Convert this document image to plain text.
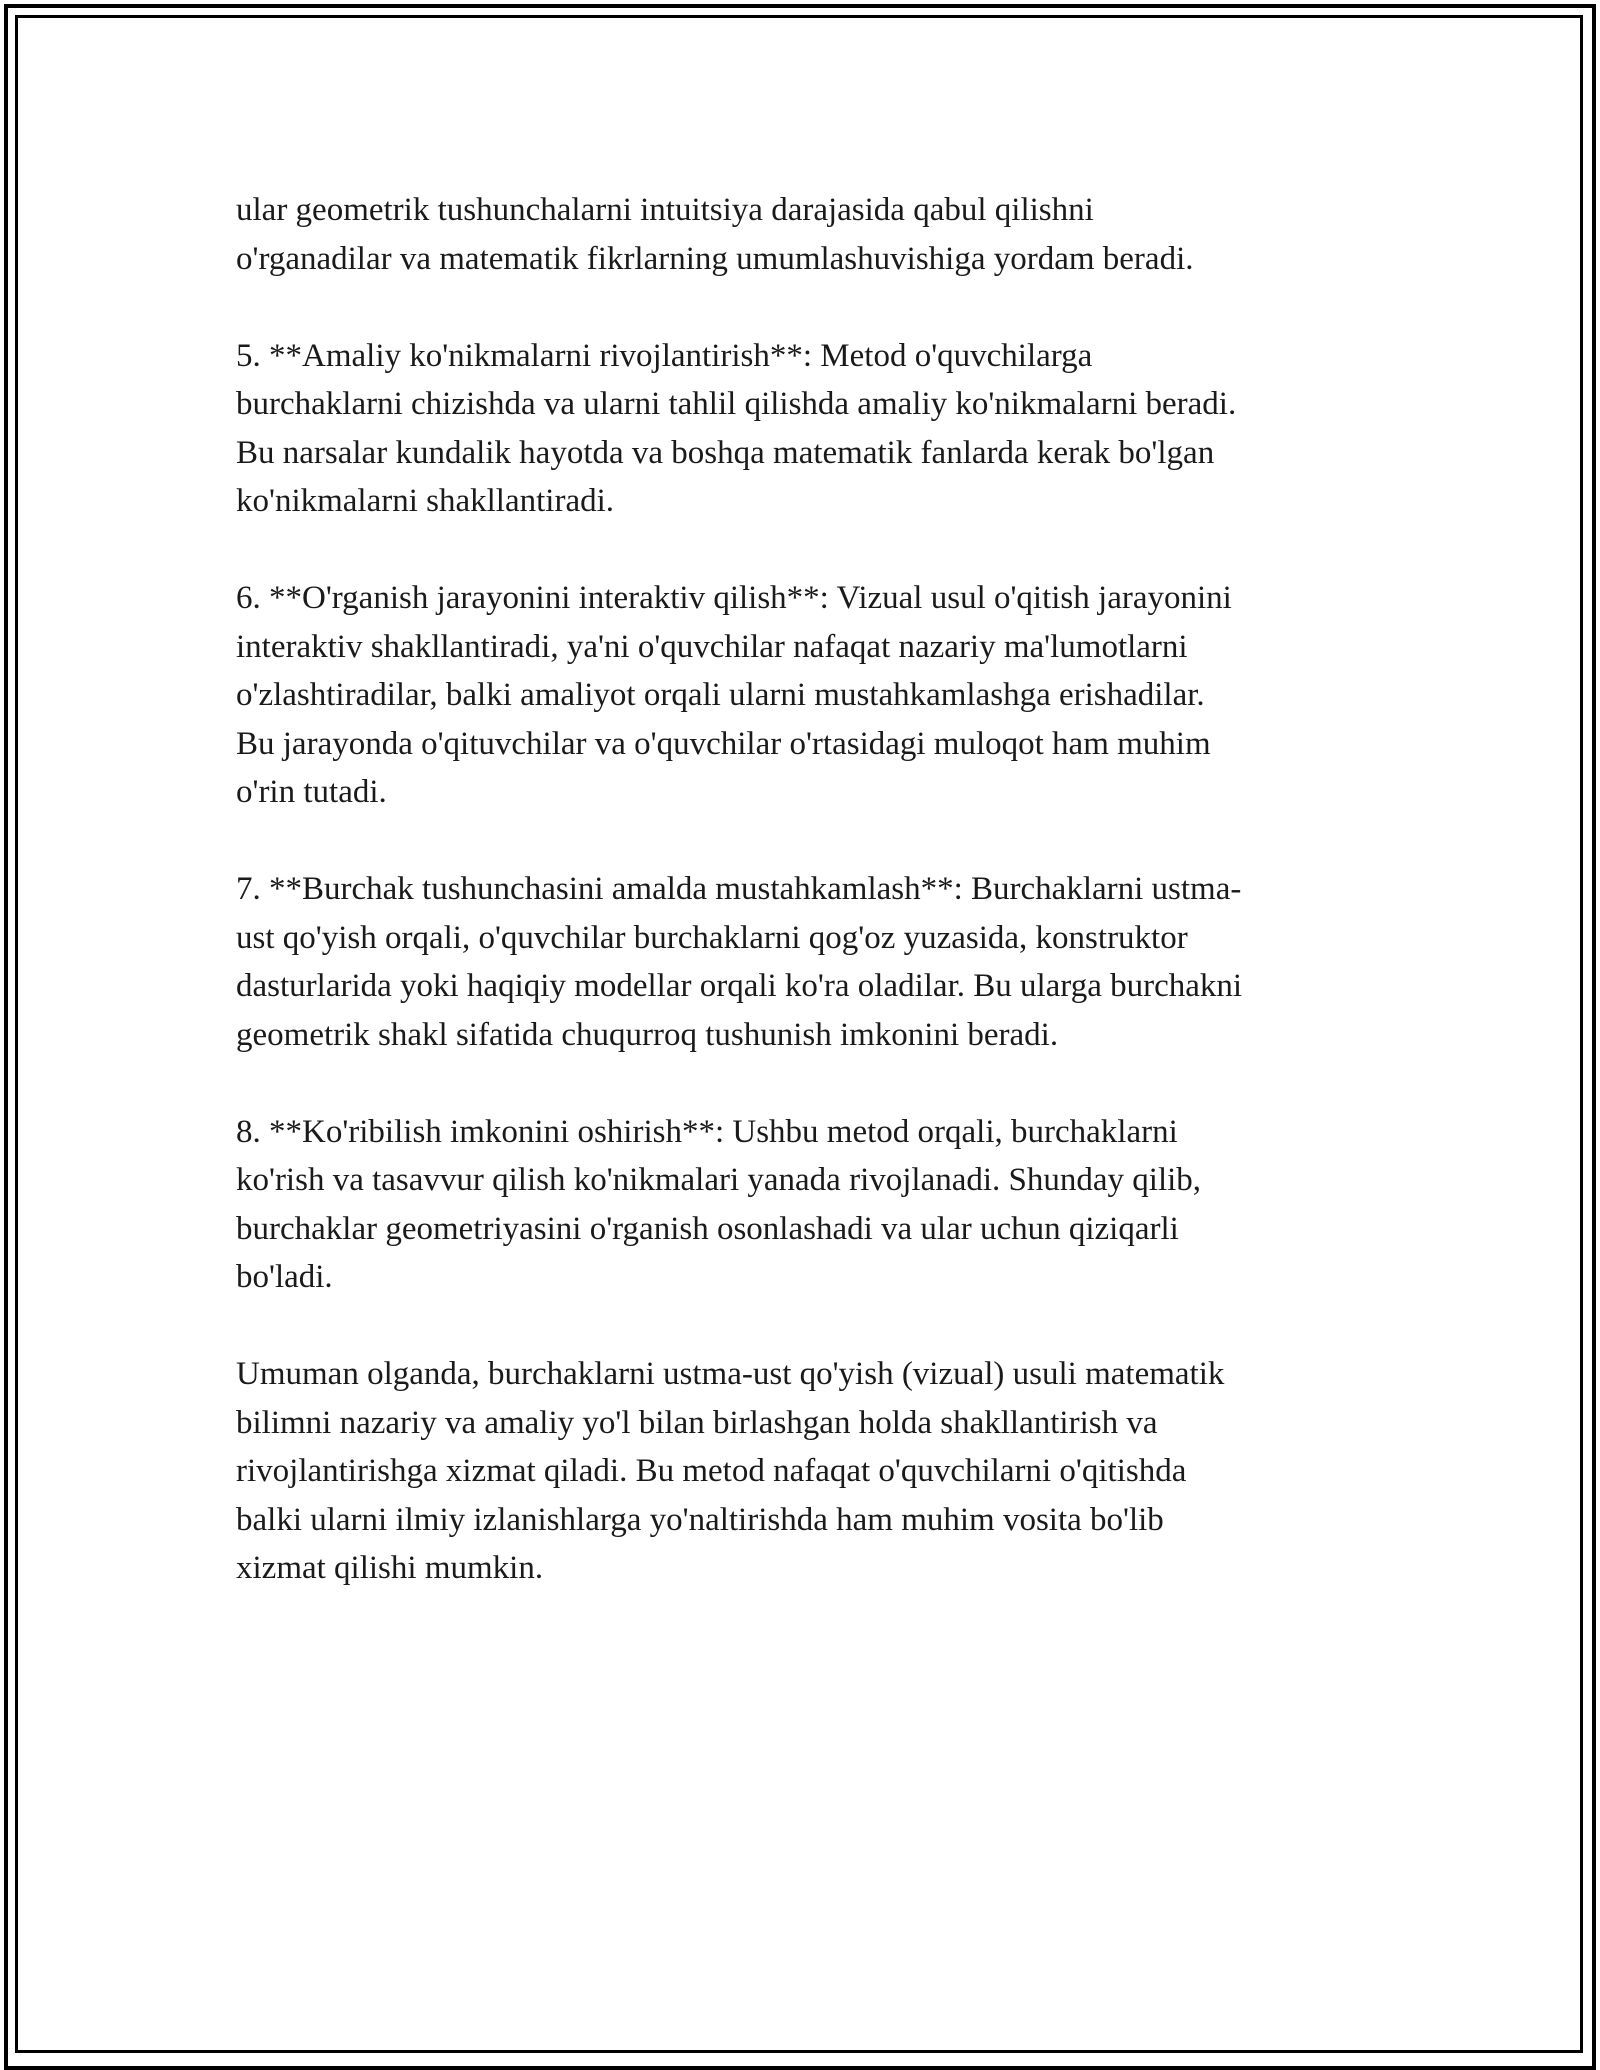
ular geometrik tushunchalarni intuitsiya darajasida qabul qilishni
o'rganadilar va matematik fikrlarning umumlashuvishiga yordam beradi.

5. **Amaliy ko'nikmalarni rivojlantirish**: Metod o'quvchilarga
burchaklarni chizishda va ularni tahlil qilishda amaliy ko'nikmalarni beradi.
Bu narsalar kundalik hayotda va boshqa matematik fanlarda kerak bo'lgan
ko'nikmalarni shakllantiradi.

6. **O'rganish jarayonini interaktiv qilish**: Vizual usul o'qitish jarayonini
interaktiv shakllantiradi, ya'ni o'quvchilar nafaqat nazariy ma'lumotlarni
o'zlashtiradilar, balki amaliyot orqali ularni mustahkamlashga erishadilar.
Bu jarayonda o'qituvchilar va o'quvchilar o'rtasidagi muloqot ham muhim
o'rin tutadi.

7. **Burchak tushunchasini amalda mustahkamlash**: Burchaklarni ustma-
ust qo'yish orqali, o'quvchilar burchaklarni qog'oz yuzasida, konstruktor
dasturlarida yoki haqiqiy modellar orqali ko'ra oladilar. Bu ularga burchakni
geometrik shakl sifatida chuqurroq tushunish imkonini beradi.

8. **Ko'ribilish imkonini oshirish**: Ushbu metod orqali, burchaklarni
ko'rish va tasavvur qilish ko'nikmalari yanada rivojlanadi. Shunday qilib,
burchaklar geometriyasini o'rganish osonlashadi va ular uchun qiziqarli
bo'ladi.

Umuman olganda, burchaklarni ustma-ust qo'yish (vizual) usuli matematik
bilimni nazariy va amaliy yo'l bilan birlashgan holda shakllantirish va
rivojlantirishga xizmat qiladi. Bu metod nafaqat o'quvchilarni o'qitishda
balki ularni ilmiy izlanishlarga yo'naltirishda ham muhim vosita bo'lib
xizmat qilishi mumkin.
